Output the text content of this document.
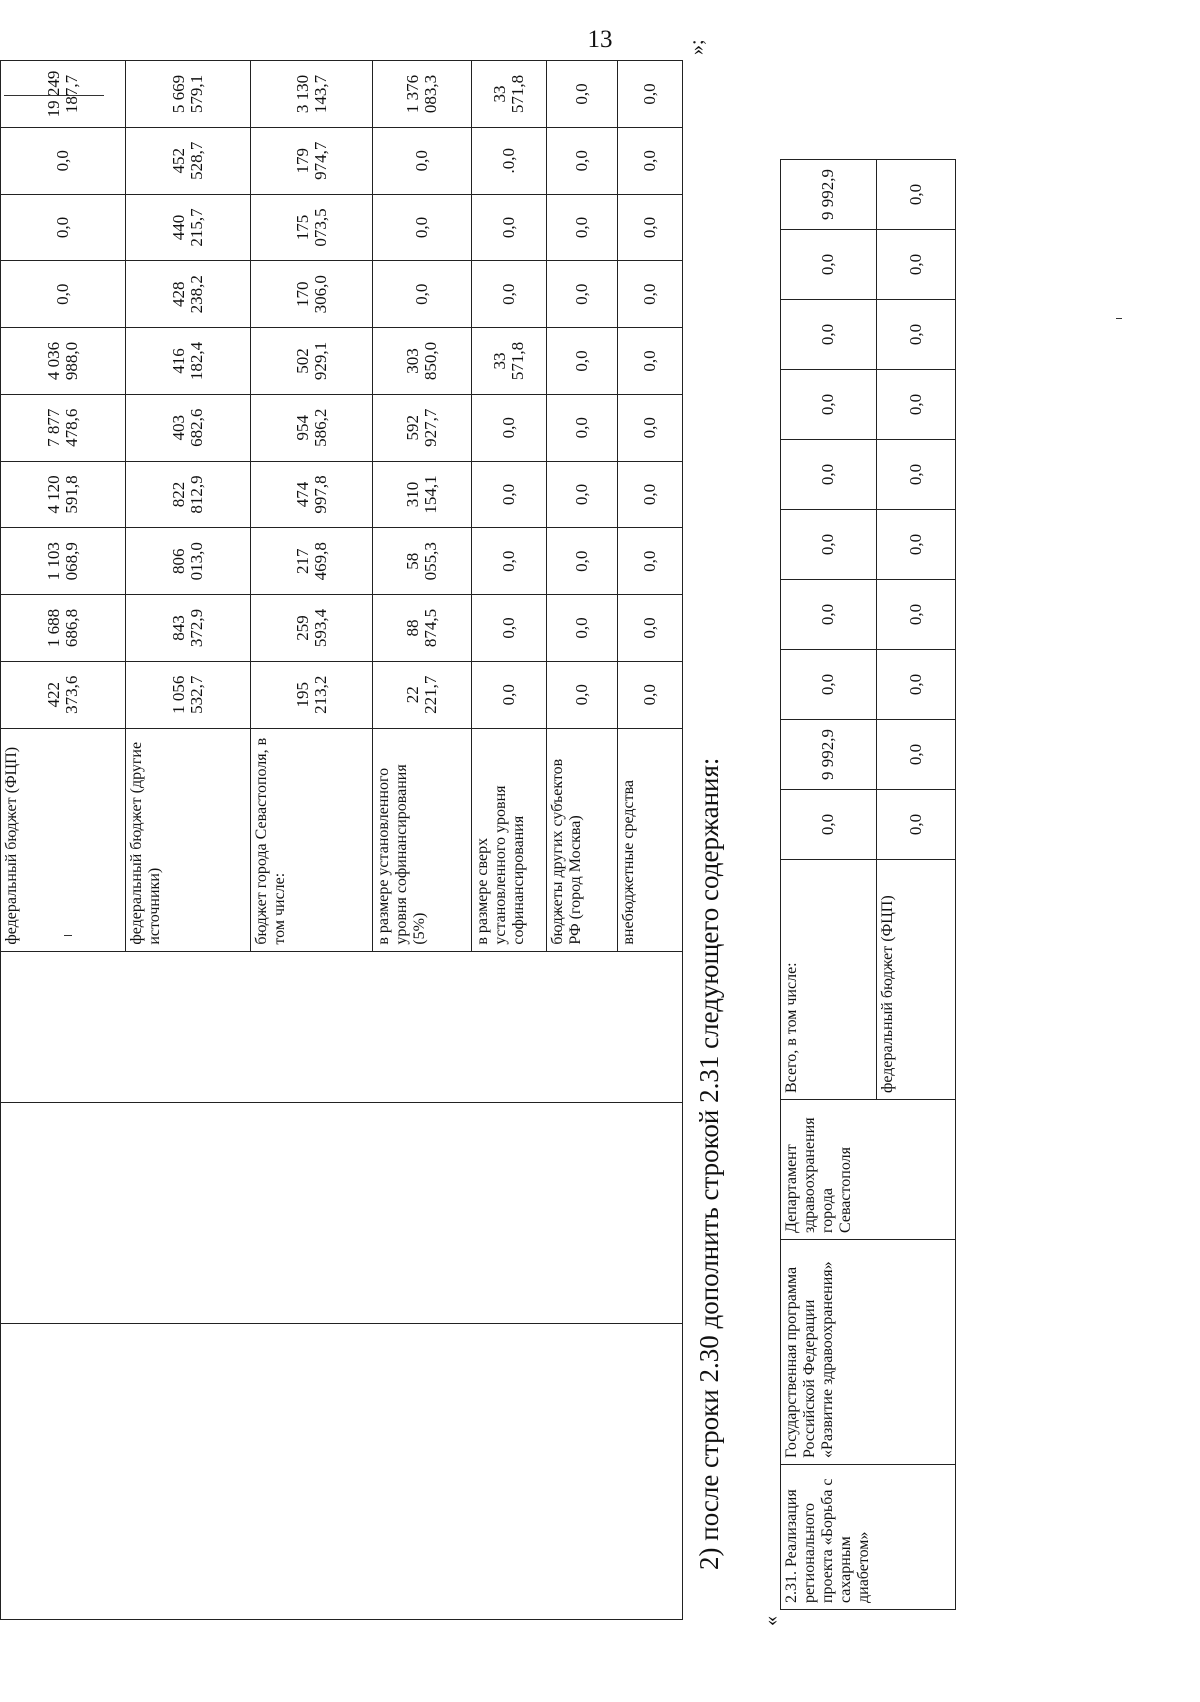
13
			федеральный бюджет (ФЦП)	422 373,6	1 688 686,8	1 103 068,9	4 120 591,8	7 877 478,6	4 036 988,0	0,0	0,0	0,0	19 249 187,7
			федеральный бюджет (другие источники)	1 056 532,7	843 372,9	806 013,0	822 812,9	403 682,6	416 182,4	428 238,2	440 215,7	452 528,7	5 669 579,1
			бюджет города Севастополя, в том числе:	195 213,2	259 593,4	217 469,8	474 997,8	954 586,2	502 929,1	170 306,0	175 073,5	179 974,7	3 130 143,7
			в размере установленного уровня софинансирования (5%)	22 221,7	88 874,5	58 055,3	310 154,1	592 927,7	303 850,0	0,0	0,0	0,0	1 376 083,3
			в размере сверх установленного уровня софинансирования	0,0	0,0	0,0	0,0	0,0	33 571,8	0,0	0,0	.0,0	33 571,8
			бюджеты других субъектов РФ (город Москва)	0,0	0,0	0,0	0,0	0,0	0,0	0,0	0,0	0,0	0,0
			внебюджетные средства	0,0	0,0	0,0	0,0	0,0	0,0	0,0	0,0	0,0	0,0
»;
2) после строки 2.30 дополнить строкой 2.31 следующего содержания:
«
2.31. Реализация регионального проекта «Борьба с сахарным диабетом»	Государственная программа Российской Федерации «Развитие здравоохранения»	Департамент здравоохранения города Севастополя	Всего, в том числе:	0,0	9 992,9	0,0	0,0	0,0	0,0	0,0	0,0	0,0	9 992,9
			федеральный бюджет (ФЦП)	0,0	0,0	0,0	0,0	0,0	0,0	0,0	0,0	0,0	0,0
